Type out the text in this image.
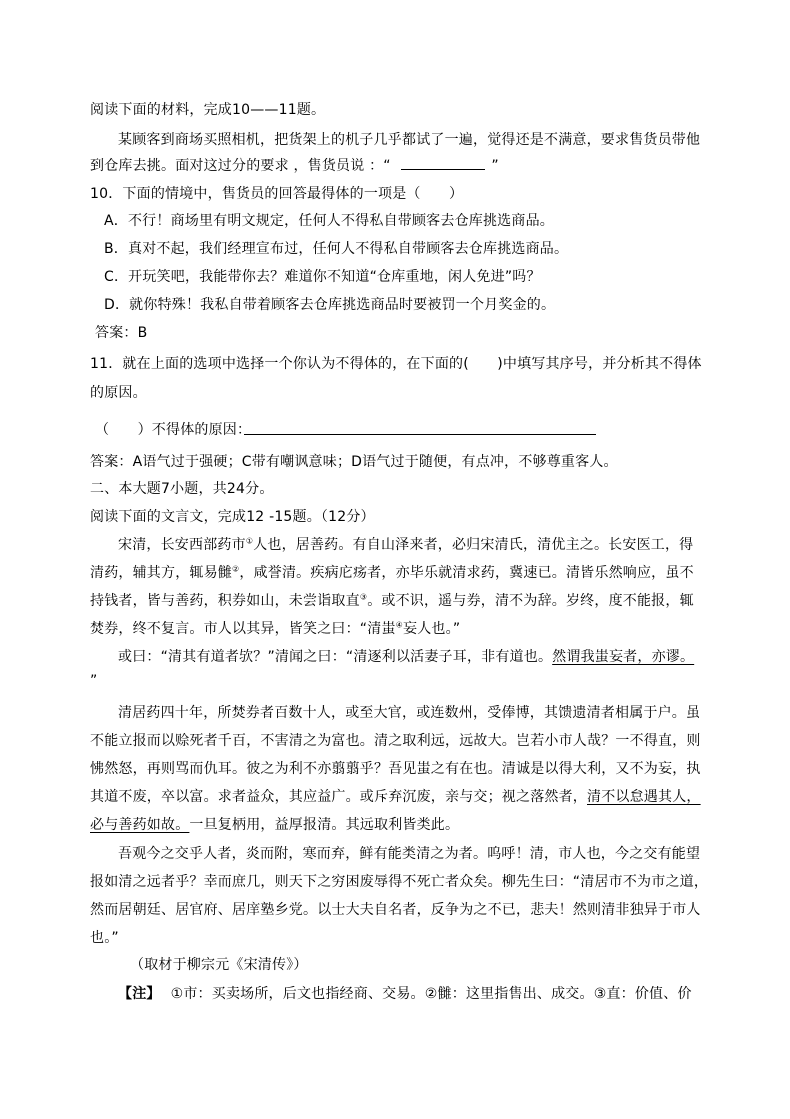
阅读下面的材料，完成10——11题。
某顾客到商场买照相机，把货架上的机子几乎都试了一遍，觉得还是不满意，要求售货员带他
到仓库去挑。面对这过分的要求 ，售货员说 ：“	”
10．下面的情境中，售货员的回答最得体的一项是（　　）
A．不行！商场里有明文规定，任何人不得私自带顾客去仓库挑选商品。
B．真对不起，我们经理宣布过，任何人不得私自带顾客去仓库挑选商品。
C．开玩笑吧，我能带你去？难道你不知道“仓库重地，闲人免进”吗？
D．就你特殊！我私自带着顾客去仓库挑选商品时要被罚一个月奖金的。
答案：B
11．就在上面的选项中选择一个你认为不得体的，在下面的(　　)中填写其序号，并分析其不得体
的原因。
（　　）不得体的原因：
答案：A语气过于强硬；C带有嘲讽意味；D语气过于随便，有点冲，不够尊重客人。
二、本大题7小题，共24分。
阅读下面的文言文，完成12 -15题。（12分）
宋清，长安西部药市①人也，居善药。有自山泽来者，必归宋清氏，清优主之。长安医工，得
清药，辅其方，辄易雠②，咸誉清。疾病庀疡者，亦毕乐就清求药，冀速已。清皆乐然响应，虽不
持钱者，皆与善药，积券如山，未尝诣取直③。或不识，遥与券，清不为辞。岁终，度不能报，辄
焚券，终不复言。市人以其异，皆笑之曰：“清蚩④妄人也。”
或曰：“清其有道者欤？”清闻之曰：“清逐利以活妻子耳，非有道也。然谓我蚩妄者，亦谬。
”
清居药四十年，所焚券者百数十人，或至大官，或连数州，受俸博，其馈遗清者相属于户。虽
不能立报而以赊死者千百，不害清之为富也。清之取利远，远故大。岂若小市人哉？一不得直，则
怫然怒，再则骂而仇耳。彼之为利不亦翦翦乎？吾见蚩之有在也。清诚是以得大利，又不为妄，执
其道不废，卒以富。求者益众，其应益广。或斥弃沉废，亲与交；视之落然者，清不以怠遇其人，
必与善药如故。一旦复柄用，益厚报清。其远取利皆类此。
吾观今之交乎人者，炎而附，寒而弃，鲜有能类清之为者。呜呼！清，市人也，今之交有能望
报如清之远者乎？幸而庶几，则天下之穷困废辱得不死亡者众矣。柳先生曰：“清居市不为市之道，
然而居朝廷、居官府、居庠塾乡党。以士大夫自名者，反争为之不已，悲夫！然则清非独异于市人
也。”
（取材于柳宗元《宋清传》）
【注】 ①市：买卖场所，后文也指经商、交易。②雠：这里指售出、成交。③直：价值、价
